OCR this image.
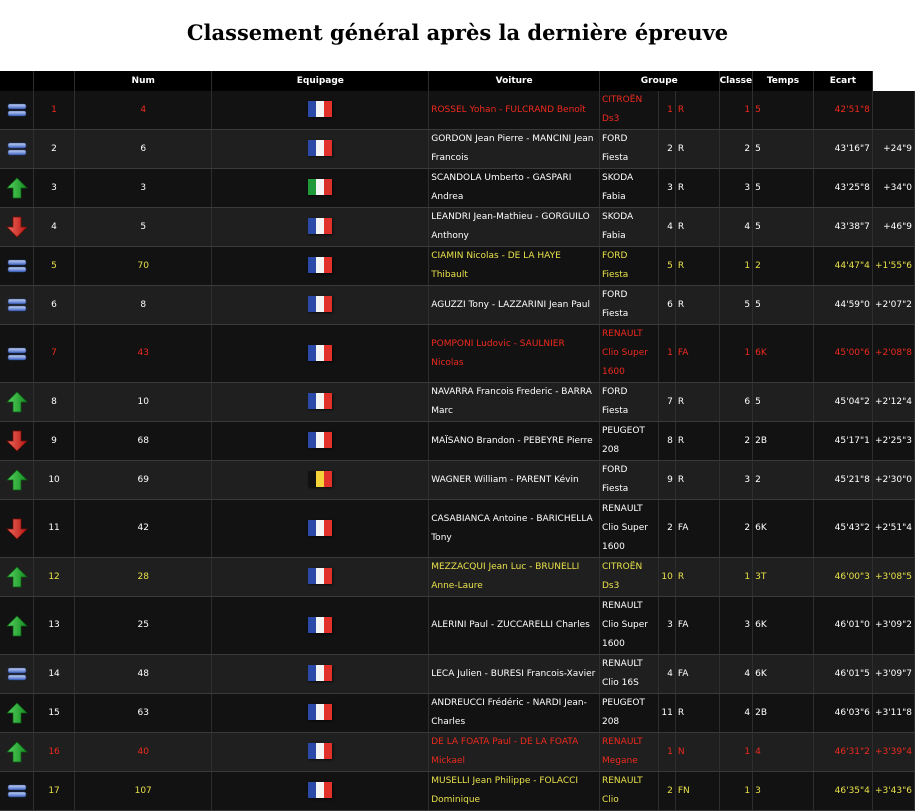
Classement général après la dernière épreuve
		Num	Equipage	Voiture	Groupe			Classe	Temps	Ecart	
	1	4		ROSSEL Yohan - FULCRAND Benoît	CITROËN Ds3	1	R	1	5	42'51"8	
	2	6		GORDON Jean Pierre - MANCINI Jean Francois	FORD Fiesta	2	R	2	5	43'16"7	+24"9
	3	3		SCANDOLA Umberto - GASPARI Andrea	SKODA Fabia	3	R	3	5	43'25"8	+34"0
	4	5		LEANDRI Jean-Mathieu - GORGUILO Anthony	SKODA Fabia	4	R	4	5	43'38"7	+46"9
	5	70		CIAMIN Nicolas - DE LA HAYE Thibault	FORD Fiesta	5	R	1	2	44'47"4	+1'55"6
	6	8		AGUZZI Tony - LAZZARINI Jean Paul	FORD Fiesta	6	R	5	5	44'59"0	+2'07"2
	7	43		POMPONI Ludovic - SAULNIER Nicolas	RENAULT Clio Super 1600	1	FA	1	6K	45'00"6	+2'08"8
	8	10		NAVARRA Francois Frederic - BARRA Marc	FORD Fiesta	7	R	6	5	45'04"2	+2'12"4
	9	68		MAÏSANO Brandon - PEBEYRE Pierre	PEUGEOT 208	8	R	2	2B	45'17"1	+2'25"3
	10	69		WAGNER William - PARENT Kévin	FORD Fiesta	9	R	3	2	45'21"8	+2'30"0
	11	42		CASABIANCA Antoine - BARICHELLA Tony	RENAULT Clio Super 1600	2	FA	2	6K	45'43"2	+2'51"4
	12	28		MEZZACQUI Jean Luc - BRUNELLI Anne-Laure	CITROËN Ds3	10	R	1	3T	46'00"3	+3'08"5
	13	25		ALERINI Paul - ZUCCARELLI Charles	RENAULT Clio Super 1600	3	FA	3	6K	46'01"0	+3'09"2
	14	48		LECA Julien - BURESI Francois-Xavier	RENAULT Clio 16S	4	FA	4	6K	46'01"5	+3'09"7
	15	63		ANDREUCCI Frédéric - NARDI Jean-Charles	PEUGEOT 208	11	R	4	2B	46'03"6	+3'11"8
	16	40		DE LA FOATA Paul - DE LA FOATA Mickael	RENAULT Megane	1	N	1	4	46'31"2	+3'39"4
	17	107		MUSELLI Jean Philippe - FOLACCI Dominique	RENAULT Clio	2	FN	1	3	46'35"4	+3'43"6
